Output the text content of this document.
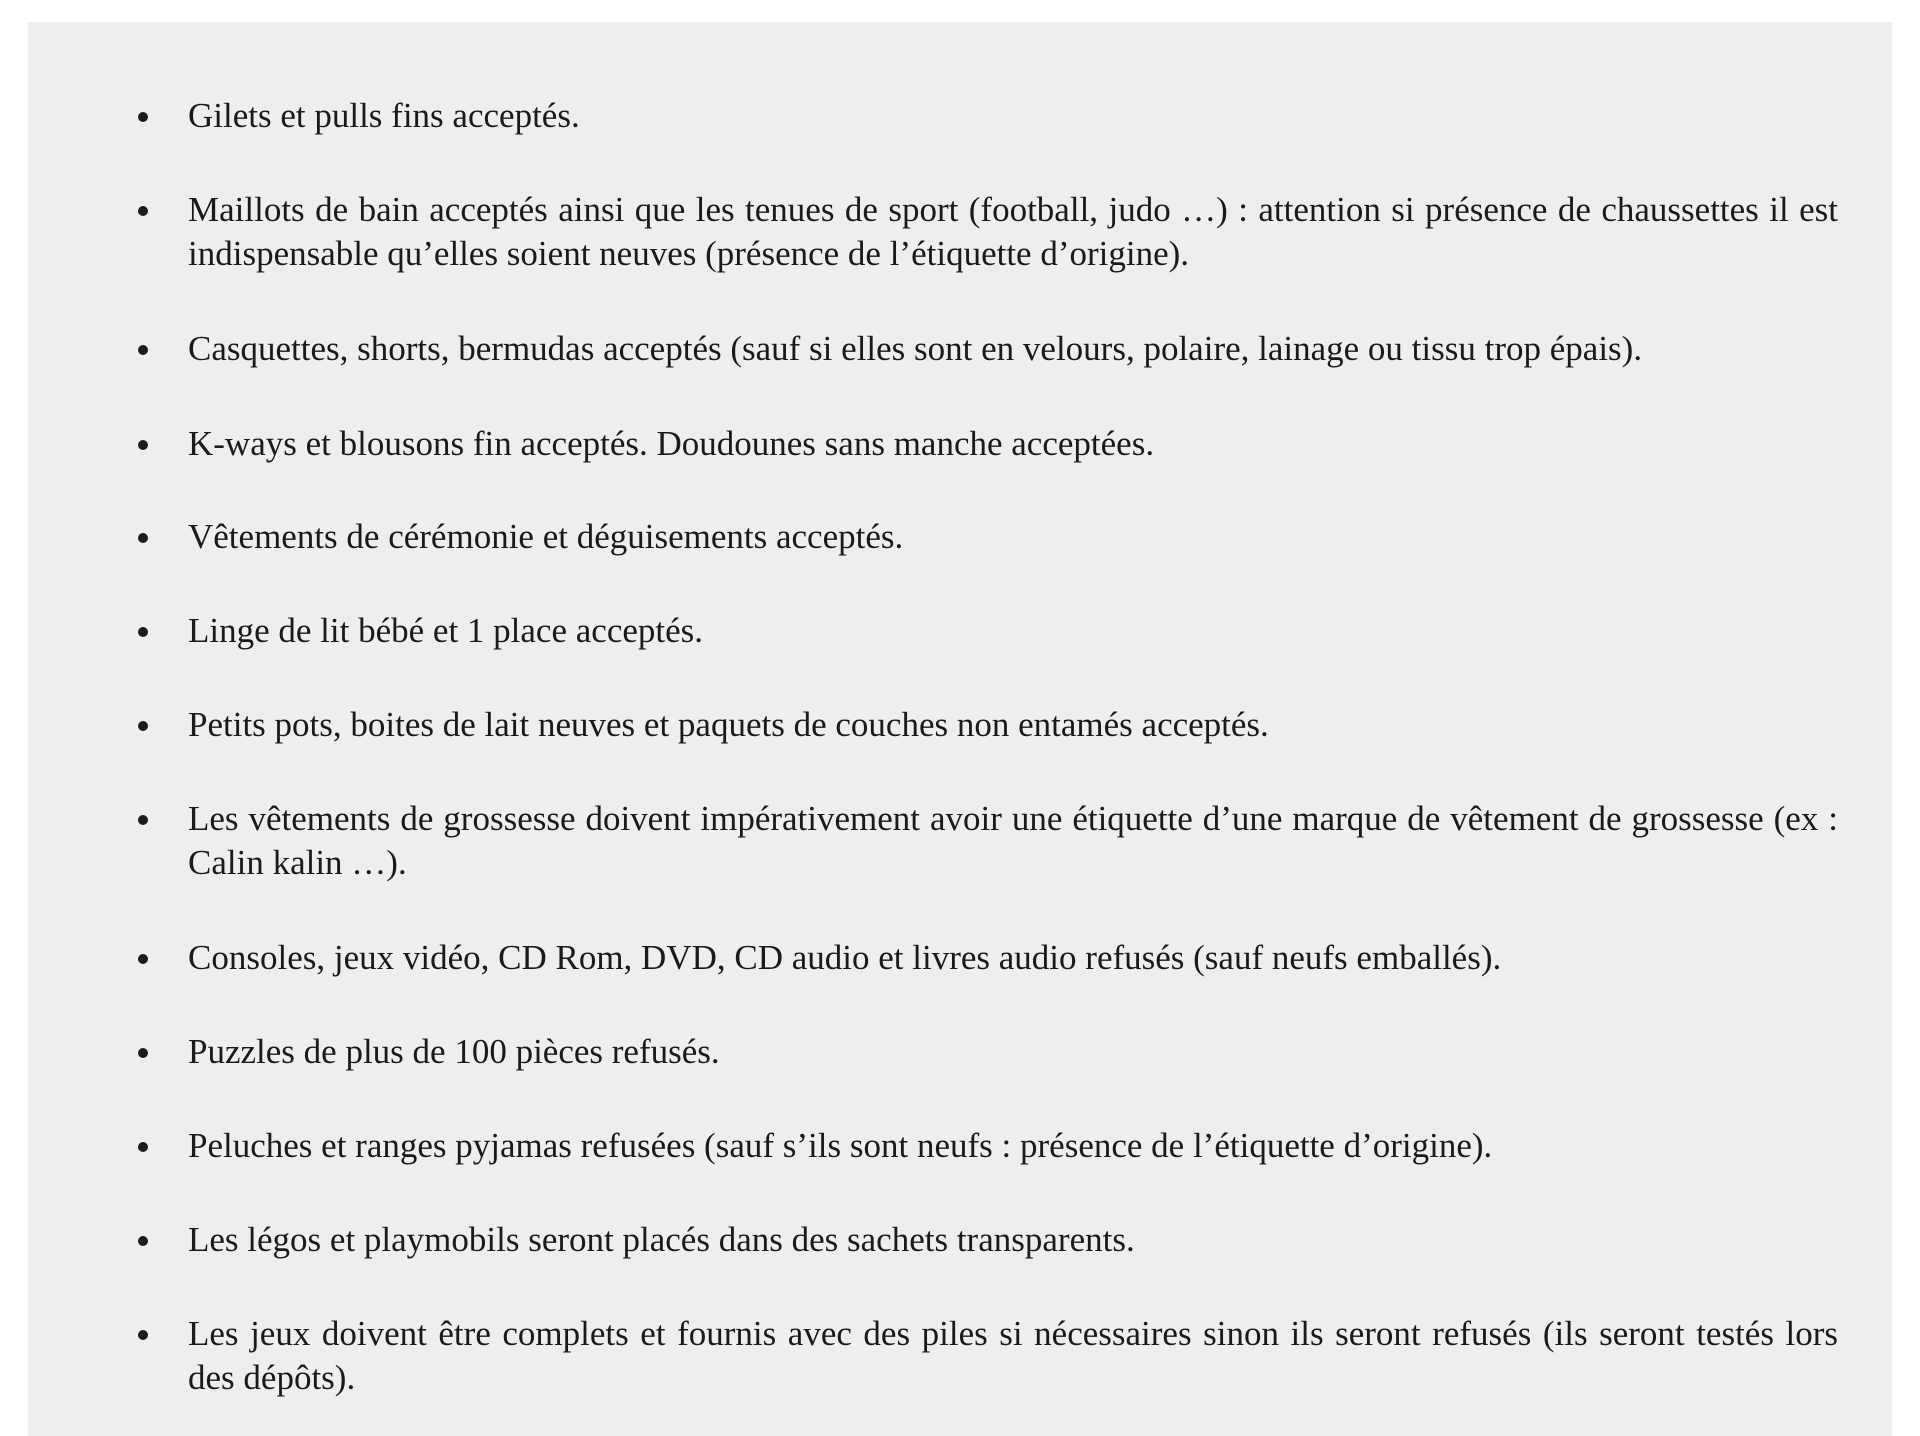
Gilets et pulls fins acceptés.

Maillots de bain acceptés ainsi que les tenues de sport (football, judo …) : attention si présence de chaussettes il est indispensable qu’elles soient neuves (présence de l’étiquette d’origine).

Casquettes, shorts, bermudas acceptés (sauf si elles sont en velours, polaire, lainage ou tissu trop épais).

K-ways et blousons fin acceptés. Doudounes sans manche acceptées.

Vêtements de cérémonie et déguisements acceptés.

Linge de lit bébé et 1 place acceptés.

Petits pots, boites de lait neuves et paquets de couches non entamés acceptés.

Les vêtements de grossesse doivent impérativement avoir une étiquette d’une marque de vêtement de grossesse (ex : Calin kalin …).

Consoles, jeux vidéo, CD Rom, DVD, CD audio et livres audio refusés (sauf neufs emballés).

Puzzles de plus de 100 pièces refusés.

Peluches et ranges pyjamas refusées (sauf s’ils sont neufs : présence de l’étiquette d’origine).

Les légos et playmobils seront placés dans des sachets transparents.

Les jeux doivent être complets et fournis avec des piles si nécessaires sinon ils seront refusés (ils seront testés lors des dépôts).
